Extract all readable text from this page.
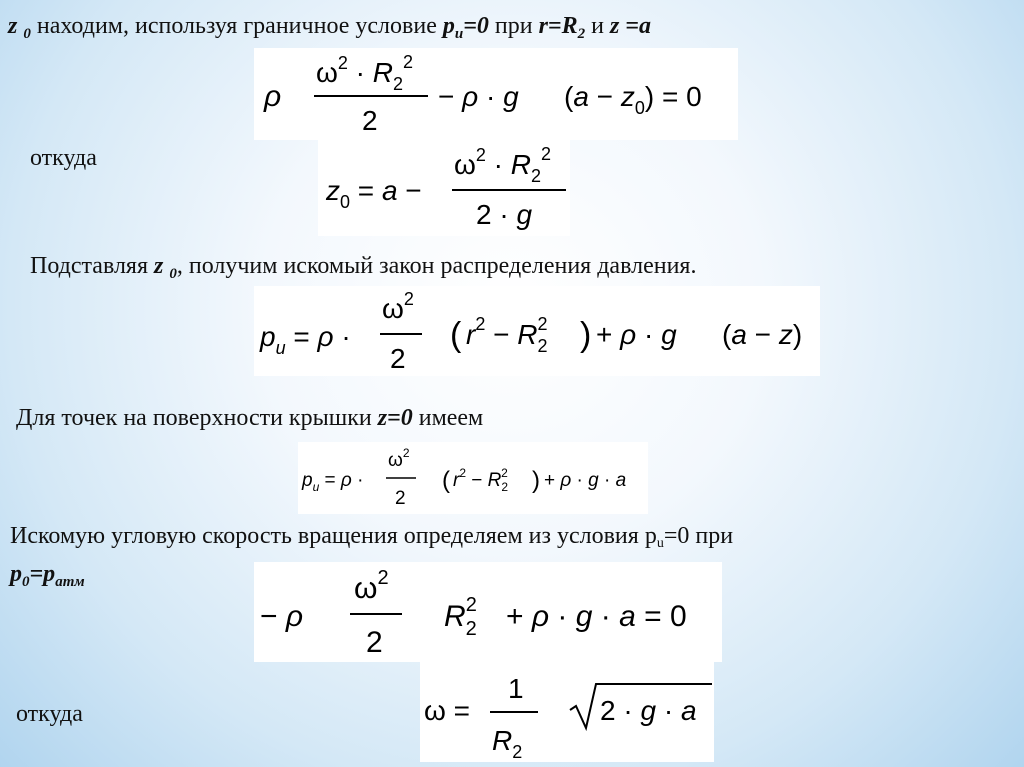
z $_0$ находим, используя граничное условие $p_u=0$ при $r=R_2$ и z =a
ρ
$\omega^2 \cdot R_2^2$
2
− ρ · g $(a - z_0) = 0$
откуда
$z_0 = a$ −
$\omega^2 \cdot R_2^2$
2 · g
Подставляя z $_0$, получим искомый закон распределения давления.
$p_u = \rho$ ·
$\omega^2$
2
( $r^2 - R_22$ ) + ρ · g (a − z)
Для точек на поверхности крышки z=0 имеем
$p_u = \rho$ ·
$\omega^2$
2
( $r^2 - R_22$ ) + ρ · g · a
Искомую угловую скорость вращения определяем из условия pu=0 при
$p_0=p_{атм}$
− ρ
$\omega^2$
2
$R_22 + \rho \cdot g \cdot a = 0$
откуда	ω =
1
$R_2$
2 · g · a
